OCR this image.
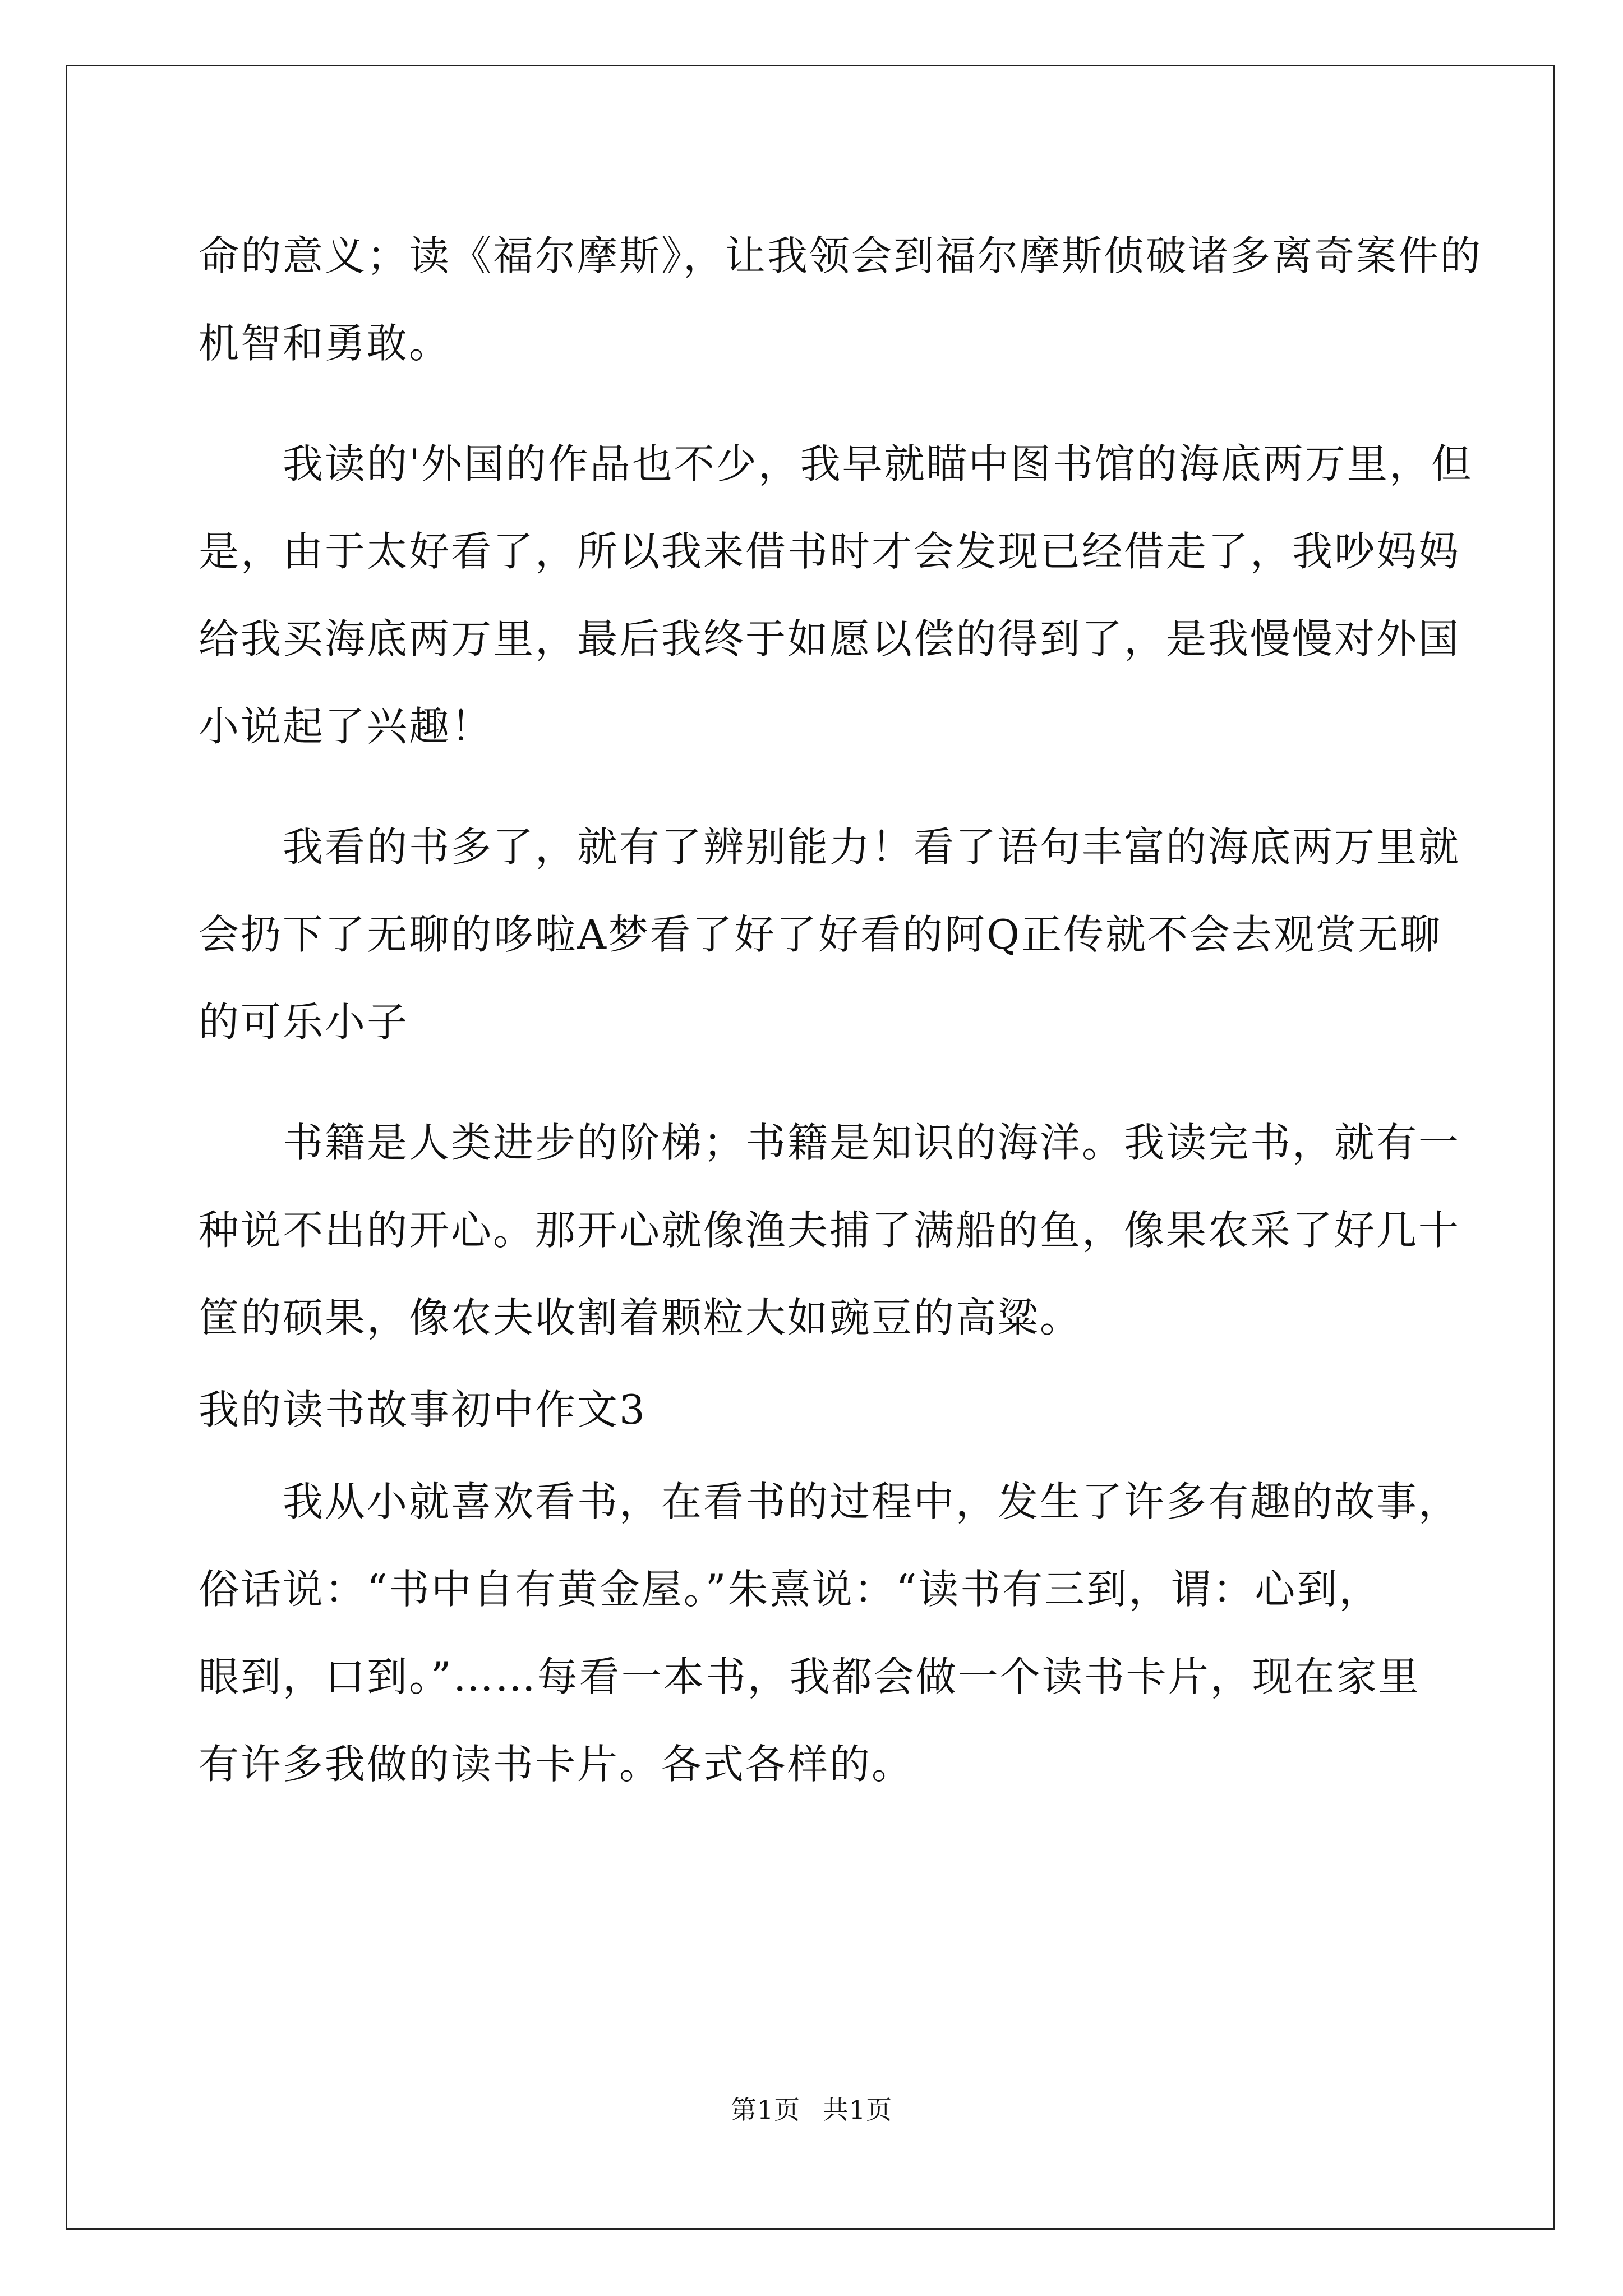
命的意义；读《福尔摩斯》，让我领会到福尔摩斯侦破诸多离奇案件的
机智和勇敢。
我读的'外国的作品也不少，我早就瞄中图书馆的海底两万里，但
是，由于太好看了，所以我来借书时才会发现已经借走了，我吵妈妈
给我买海底两万里，最后我终于如愿以偿的得到了，是我慢慢对外国
小说起了兴趣！
我看的书多了，就有了辨别能力！看了语句丰富的海底两万里就
会扔下了无聊的哆啦A梦看了好了好看的阿Q正传就不会去观赏无聊
的可乐小子
书籍是人类进步的阶梯；书籍是知识的海洋。我读完书，就有一
种说不出的开心。那开心就像渔夫捕了满船的鱼，像果农采了好几十
筐的硕果，像农夫收割着颗粒大如豌豆的高粱。
我的读书故事初中作文3
我从小就喜欢看书，在看书的过程中，发生了许多有趣的故事，
俗话说：“书中自有黄金屋。”朱熹说：“读书有三到，谓：心到，
眼到，口到。”……每看一本书，我都会做一个读书卡片，现在家里
有许多我做的读书卡片。各式各样的。
第1页 共1页
